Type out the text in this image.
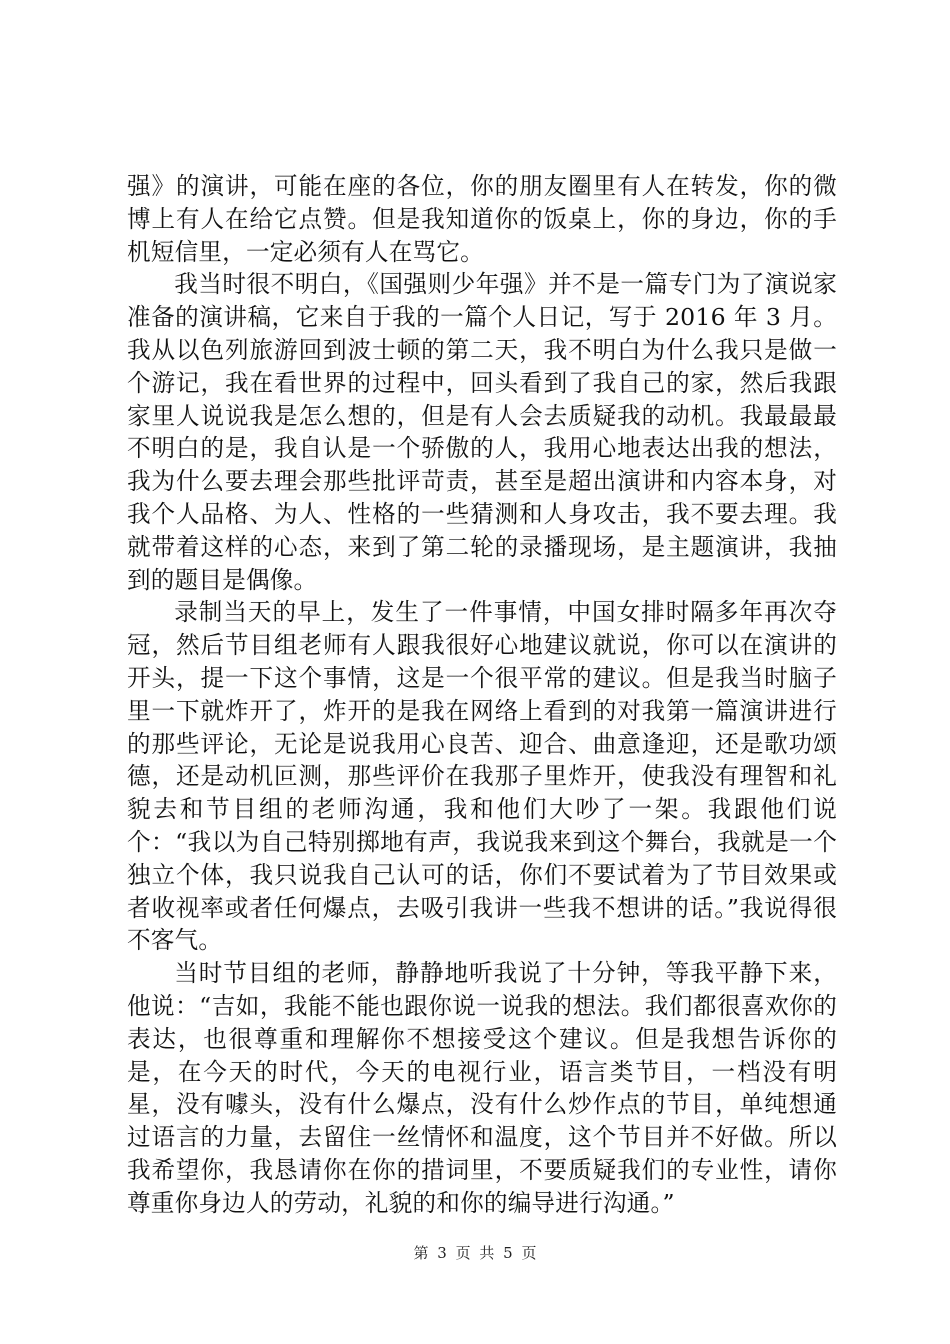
强》的演讲，可能在座的各位，你的朋友圈里有人在转发，你的微博上有人在给它点赞。但是我知道你的饭桌上，你的身边，你的手机短信里，一定必须有人在骂它。

我当时很不明白，《国强则少年强》并不是一篇专门为了演说家准备的演讲稿，它来自于我的一篇个人日记，写于 2016 年 3 月。我从以色列旅游回到波士顿的第二天，我不明白为什么我只是做一个游记，我在看世界的过程中，回头看到了我自己的家，然后我跟家里人说说我是怎么想的，但是有人会去质疑我的动机。我最最最不明白的是，我自认是一个骄傲的人，我用心地表达出我的想法，我为什么要去理会那些批评苛责，甚至是超出演讲和内容本身，对我个人品格、为人、性格的一些猜测和人身攻击，我不要去理。我就带着这样的心态，来到了第二轮的录播现场，是主题演讲，我抽到的题目是偶像。

录制当天的早上，发生了一件事情，中国女排时隔多年再次夺冠，然后节目组老师有人跟我很好心地建议就说，你可以在演讲的开头，提一下这个事情，这是一个很平常的建议。但是我当时脑子里一下就炸开了，炸开的是我在网络上看到的对我第一篇演讲进行的那些评论，无论是说我用心良苦、迎合、曲意逢迎，还是歌功颂德，还是动机叵测，那些评价在我那子里炸开，使我没有理智和礼貌去和节目组的老师沟通，我和他们大吵了一架。我跟他们说个：“我以为自己特别掷地有声，我说我来到这个舞台，我就是一个独立个体，我只说我自己认可的话，你们不要试着为了节目效果或者收视率或者任何爆点，去吸引我讲一些我不想讲的话。”我说得很不客气。

当时节目组的老师，静静地听我说了十分钟，等我平静下来，他说：“吉如，我能不能也跟你说一说我的想法。我们都很喜欢你的表达，也很尊重和理解你不想接受这个建议。但是我想告诉你的是，在今天的时代，今天的电视行业，语言类节目，一档没有明星，没有噱头，没有什么爆点，没有什么炒作点的节目，单纯想通过语言的力量，去留住一丝情怀和温度，这个节目并不好做。所以我希望你，我恳请你在你的措词里，不要质疑我们的专业性，请你尊重你身边人的劳动，礼貌的和你的编导进行沟通。”

第 3 页 共 5 页
